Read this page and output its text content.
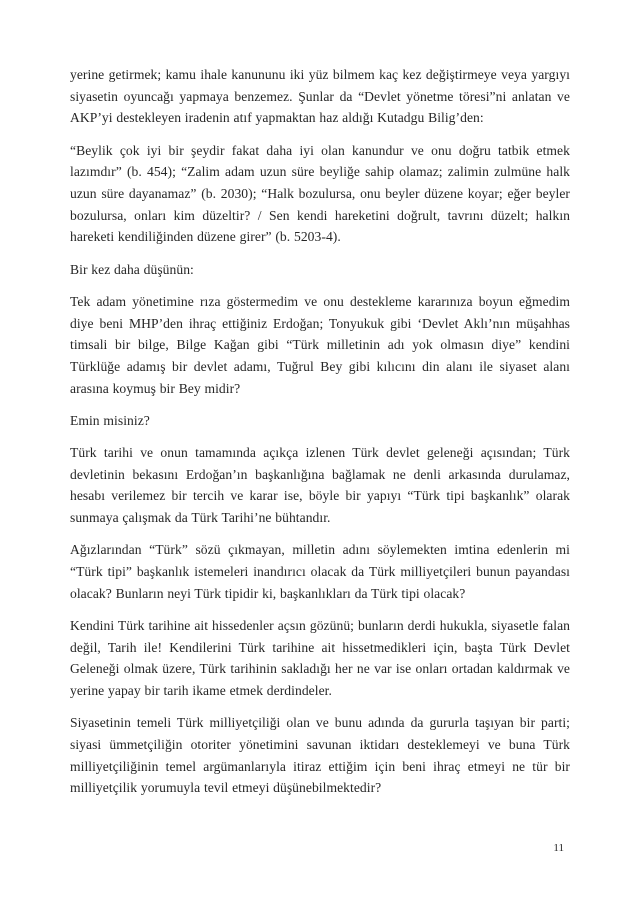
yerine getirmek; kamu ihale kanununu iki yüz bilmem kaç kez değiştirmeye veya yargıyı siyasetin oyuncağı yapmaya benzemez. Şunlar da “Devlet yönetme töresi”ni anlatan ve AKP’yi destekleyen iradenin atıf yapmaktan haz aldığı Kutadgu Bilig’den:

“Beylik çok iyi bir şeydir fakat daha iyi olan kanundur ve onu doğru tatbik etmek lazımdır” (b. 454); “Zalim adam uzun süre beyliğe sahip olamaz; zalimin zulmüne halk uzun süre dayanamaz” (b. 2030); “Halk bozulursa, onu beyler düzene koyar; eğer beyler bozulursa, onları kim düzeltir? / Sen kendi hareketini doğrult, tavrını düzelt; halkın hareketi kendiliğinden düzene girer” (b. 5203-4).

Bir kez daha düşünün:

Tek adam yönetimine rıza göstermedim ve onu destekleme kararınıza boyun eğmedim diye beni MHP’den ihraç ettiğiniz Erdoğan; Tonyukuk gibi ‘Devlet Aklı’nın müşahhas timsali bir bilge, Bilge Kağan gibi “Türk milletinin adı yok olmasın diye” kendini Türklüğe adamış bir devlet adamı, Tuğrul Bey gibi kılıcını din alanı ile siyaset alanı arasına koymuş bir Bey midir?

Emin misiniz?

Türk tarihi ve onun tamamında açıkça izlenen Türk devlet geleneği açısından; Türk devletinin bekasını Erdoğan’ın başkanlığına bağlamak ne denli arkasında durulamaz, hesabı verilemez bir tercih ve karar ise, böyle bir yapıyı “Türk tipi başkanlık” olarak sunmaya çalışmak da Türk Tarihi’ne bühtandır.

Ağızlarından “Türk” sözü çıkmayan, milletin adını söylemekten imtina edenlerin mi “Türk tipi” başkanlık istemeleri inandırıcı olacak da Türk milliyetçileri bunun payandası olacak? Bunların neyi Türk tipidir ki, başkanlıkları da Türk tipi olacak?

Kendini Türk tarihine ait hissedenler açsın gözünü; bunların derdi hukukla, siyasetle falan değil, Tarih ile! Kendilerini Türk tarihine ait hissetmedikleri için, başta Türk Devlet Geleneği olmak üzere, Türk tarihinin sakladığı her ne var ise onları ortadan kaldırmak ve yerine yapay bir tarih ikame etmek derdindeler.

Siyasetinin temeli Türk milliyetçiliği olan ve bunu adında da gururla taşıyan bir parti; siyasi ümmetçiliğin otoriter yönetimini savunan iktidarı desteklemeyi ve buna Türk milliyetçiliğinin temel argümanlarıyla itiraz ettiğim için beni ihraç etmeyi ne tür bir milliyetçilik yorumuyla tevil etmeyi düşünebilmektedir?

11
